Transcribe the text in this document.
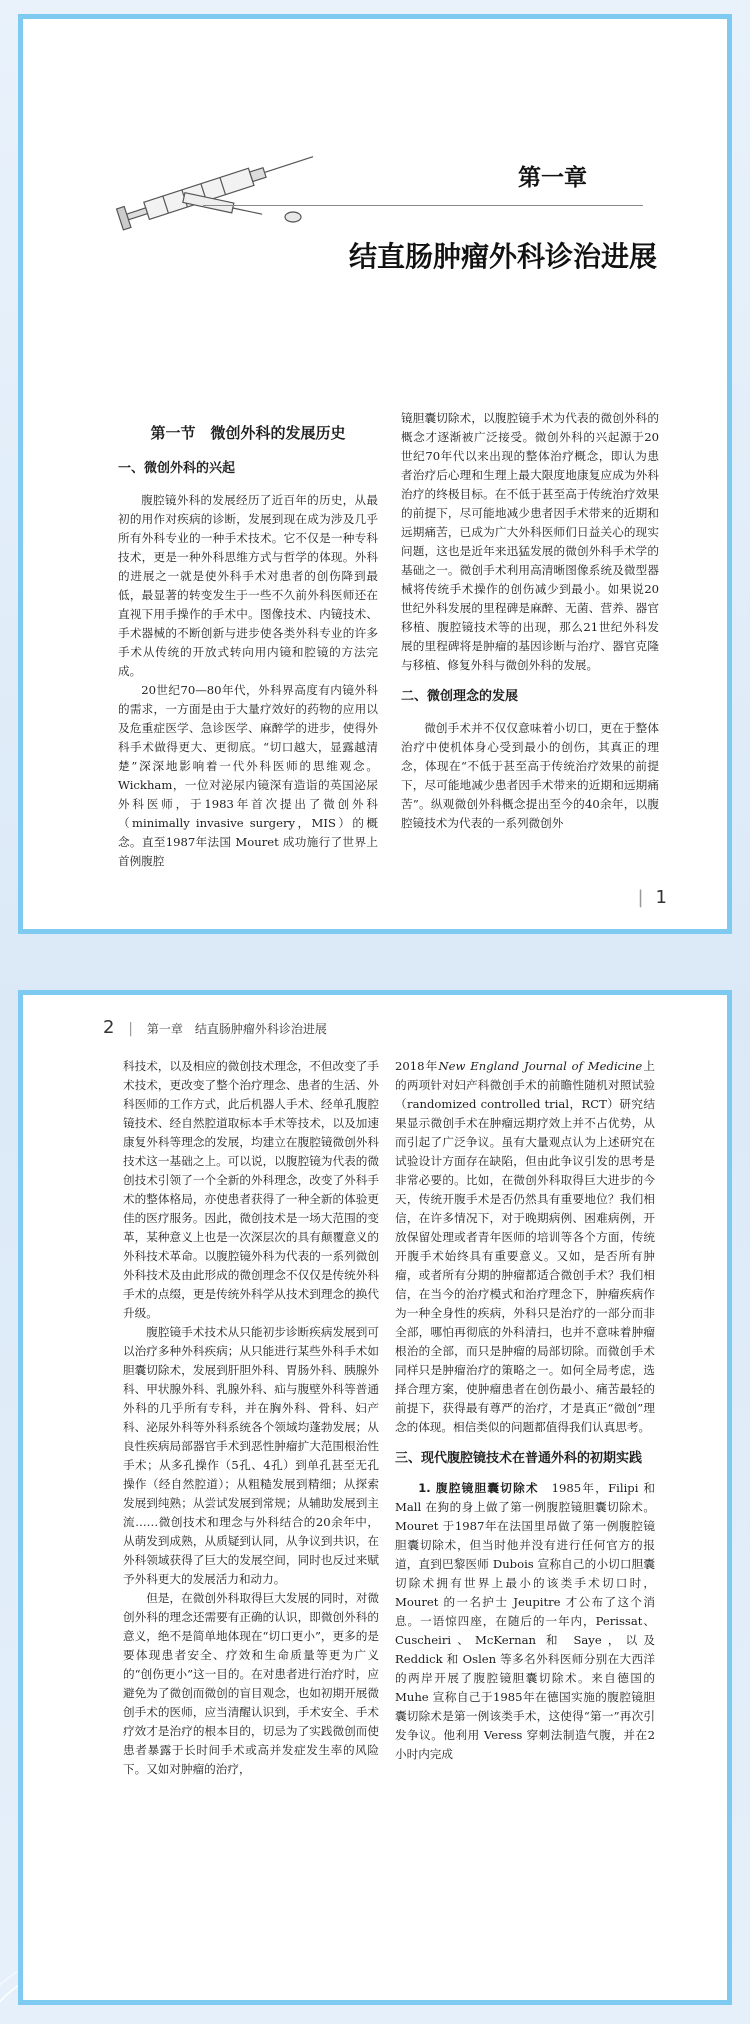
第一章
结直肠肿瘤外科诊治进展
第一节　微创外科的发展历史
一、微创外科的兴起

腹腔镜外科的发展经历了近百年的历史，从最初的用作对疾病的诊断，发展到现在成为涉及几乎所有外科专业的一种手术技术。它不仅是一种专科技术，更是一种外科思维方式与哲学的体现。外科的进展之一就是使外科手术对患者的创伤降到最低，最显著的转变发生于一些不久前外科医师还在直视下用手操作的手术中。图像技术、内镜技术、手术器械的不断创新与进步使各类外科专业的许多手术从传统的开放式转向用内镜和腔镜的方法完成。

20世纪70—80年代，外科界高度有内镜外科的需求，一方面是由于大量疗效好的药物的应用以及危重症医学、急诊医学、麻醉学的进步，使得外科手术做得更大、更彻底。“切口越大，显露越清楚”深深地影响着一代外科医师的思维观念。Wickham，一位对泌尿内镜深有造诣的英国泌尿外科医师，于1983年首次提出了微创外科（minimally invasive surgery，MIS）的概念。直至1987年法国 Mouret 成功施行了世界上首例腹腔

镜胆囊切除术，以腹腔镜手术为代表的微创外科的概念才逐渐被广泛接受。微创外科的兴起源于20世纪70年代以来出现的整体治疗概念，即认为患者治疗后心理和生理上最大限度地康复应成为外科治疗的终极目标。在不低于甚至高于传统治疗效果的前提下，尽可能地减少患者因手术带来的近期和远期痛苦，已成为广大外科医师们日益关心的现实问题，这也是近年来迅猛发展的微创外科手术学的基础之一。微创手术利用高清晰图像系统及微型器械将传统手术操作的创伤减少到最小。如果说20世纪外科发展的里程碑是麻醉、无菌、营养、器官移植、腹腔镜技术等的出现，那么21世纪外科发展的里程碑将是肿瘤的基因诊断与治疗、器官克隆与移植、修复外科与微创外科的发展。

二、微创理念的发展

微创手术并不仅仅意味着小切口，更在于整体治疗中使机体身心受到最小的创伤，其真正的理念，体现在“不低于甚至高于传统治疗效果的前提下，尽可能地减少患者因手术带来的近期和远期痛苦”。纵观微创外科概念提出至今的40余年，以腹腔镜技术为代表的一系列微创外

| 1
2 | 第一章　结直肠肿瘤外科诊治进展

科技术，以及相应的微创技术理念，不但改变了手术技术，更改变了整个治疗理念、患者的生活、外科医师的工作方式，此后机器人手术、经单孔腹腔镜技术、经自然腔道取标本手术等技术，以及加速康复外科等理念的发展，均建立在腹腔镜微创外科技术这一基础之上。可以说，以腹腔镜为代表的微创技术引领了一个全新的外科理念，改变了外科手术的整体格局，亦使患者获得了一种全新的体验更佳的医疗服务。因此，微创技术是一场大范围的变革，某种意义上也是一次深层次的具有颠覆意义的外科技术革命。以腹腔镜外科为代表的一系列微创外科技术及由此形成的微创理念不仅仅是传统外科手术的点缀，更是传统外科学从技术到理念的换代升级。

腹腔镜手术技术从只能初步诊断疾病发展到可以治疗多种外科疾病；从只能进行某些外科手术如胆囊切除术，发展到肝胆外科、胃肠外科、胰腺外科、甲状腺外科、乳腺外科、疝与腹壁外科等普通外科的几乎所有专科，并在胸外科、骨科、妇产科、泌尿外科等外科系统各个领域均蓬勃发展；从良性疾病局部器官手术到恶性肿瘤扩大范围根治性手术；从多孔操作（5孔、4孔）到单孔甚至无孔操作（经自然腔道）；从粗糙发展到精细；从探索发展到纯熟；从尝试发展到常规；从辅助发展到主流……微创技术和理念与外科结合的20余年中，从萌发到成熟，从质疑到认同，从争议到共识，在外科领域获得了巨大的发展空间，同时也反过来赋予外科更大的发展活力和动力。

但是，在微创外科取得巨大发展的同时，对微创外科的理念还需要有正确的认识，即微创外科的意义，绝不是简单地体现在“切口更小”，更多的是要体现患者安全、疗效和生命质量等更为广义的“创伤更小”这一目的。在对患者进行治疗时，应避免为了微创而微创的盲目观念，也如初期开展微创手术的医师，应当清醒认识到，手术安全、手术疗效才是治疗的根本目的，切忌为了实践微创而使患者暴露于长时间手术或高并发症发生率的风险下。又如对肿瘤的治疗，

2018年New England Journal of Medicine上的两项针对妇产科微创手术的前瞻性随机对照试验（randomized controlled trial，RCT）研究结果显示微创手术在肿瘤远期疗效上并不占优势，从而引起了广泛争议。虽有大量观点认为上述研究在试验设计方面存在缺陷，但由此争议引发的思考是非常必要的。比如，在微创外科取得巨大进步的今天，传统开腹手术是否仍然具有重要地位？我们相信，在许多情况下，对于晚期病例、困难病例，开放保留处理或者青年医师的培训等各个方面，传统开腹手术始终具有重要意义。又如，是否所有肿瘤，或者所有分期的肿瘤都适合微创手术？我们相信，在当今的治疗模式和治疗理念下，肿瘤疾病作为一种全身性的疾病，外科只是治疗的一部分而非全部，哪怕再彻底的外科清扫，也并不意味着肿瘤根治的全部，而只是肿瘤的局部切除。而微创手术同样只是肿瘤治疗的策略之一。如何全局考虑，选择合理方案，使肿瘤患者在创伤最小、痛苦最轻的前提下，获得最有尊严的治疗，才是真正“微创”理念的体现。相信类似的问题都值得我们认真思考。

三、现代腹腔镜技术在普通外科的初期实践

1. 腹腔镜胆囊切除术　 1985年，Filipi 和 Mall 在狗的身上做了第一例腹腔镜胆囊切除术。Mouret 于1987年在法国里昂做了第一例腹腔镜胆囊切除术，但当时他并没有进行任何官方的报道，直到巴黎医师 Dubois 宣称自己的小切口胆囊切除术拥有世界上最小的该类手术切口时，Mouret 的一名护士 Jeupitre 才公布了这个消息。一语惊四座，在随后的一年内，Perissat、Cuscheiri、McKernan 和 Saye，以及 Reddick 和 Oslen 等多名外科医师分别在大西洋的两岸开展了腹腔镜胆囊切除术。来自德国的 Muhe 宣称自己于1985年在德国实施的腹腔镜胆囊切除术是第一例该类手术，这使得“第一”再次引发争议。他利用 Veress 穿刺法制造气腹，并在2小时内完成
